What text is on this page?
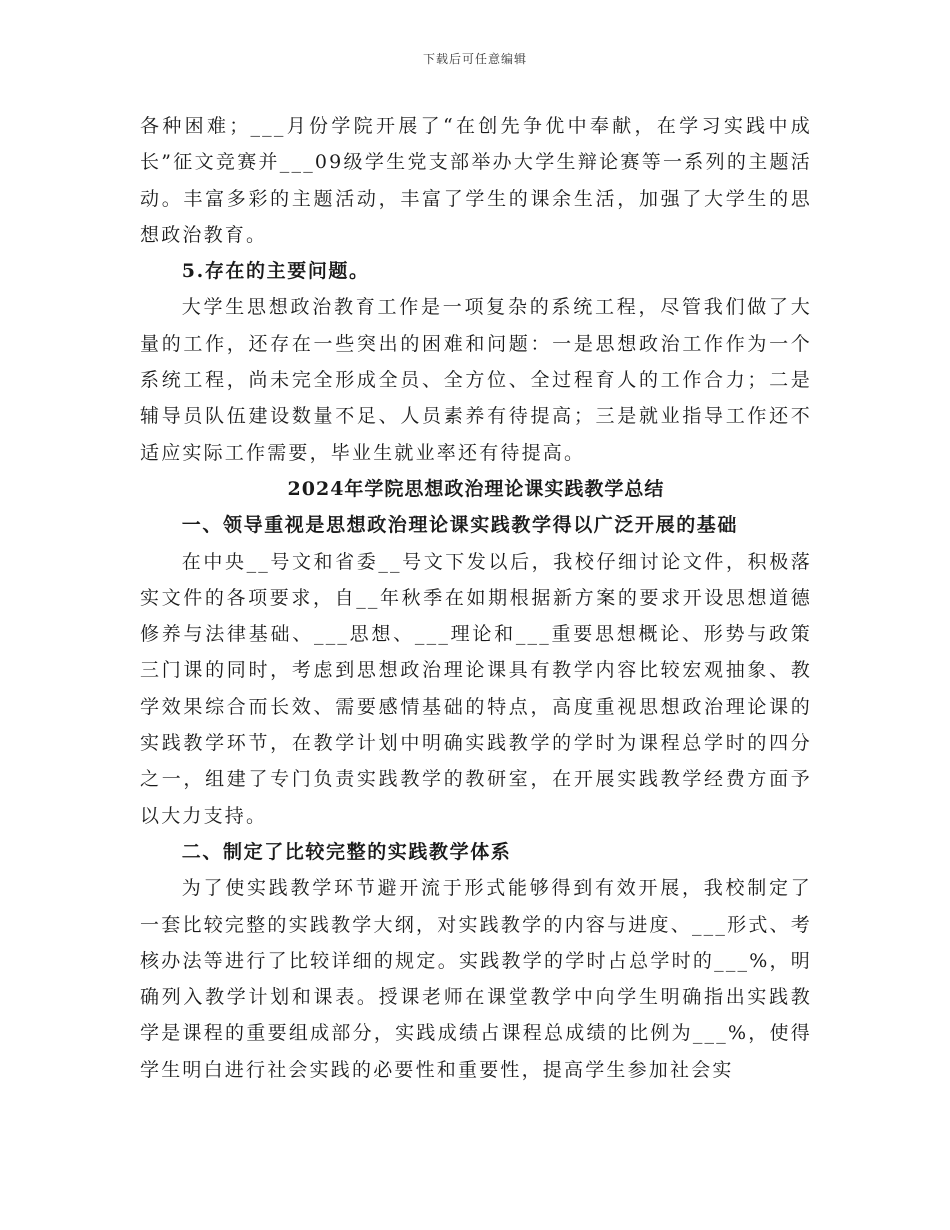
下载后可任意编辑

各种困难；___月份学院开展了“在创先争优中奉献，在学习实践中成长”征文竞赛并___09级学生党支部举办大学生辩论赛等一系列的主题活动。丰富多彩的主题活动，丰富了学生的课余生活，加强了大学生的思想政治教育。

5.存在的主要问题。

大学生思想政治教育工作是一项复杂的系统工程，尽管我们做了大量的工作，还存在一些突出的困难和问题：一是思想政治工作作为一个系统工程，尚未完全形成全员、全方位、全过程育人的工作合力；二是辅导员队伍建设数量不足、人员素养有待提高；三是就业指导工作还不适应实际工作需要，毕业生就业率还有待提高。

2024年学院思想政治理论课实践教学总结

一、领导重视是思想政治理论课实践教学得以广泛开展的基础

在中央__号文和省委__号文下发以后，我校仔细讨论文件，积极落实文件的各项要求，自__年秋季在如期根据新方案的要求开设思想道德修养与法律基础、___思想、___理论和___重要思想概论、形势与政策三门课的同时，考虑到思想政治理论课具有教学内容比较宏观抽象、教学效果综合而长效、需要感情基础的特点，高度重视思想政治理论课的实践教学环节，在教学计划中明确实践教学的学时为课程总学时的四分之一，组建了专门负责实践教学的教研室，在开展实践教学经费方面予以大力支持。

二、制定了比较完整的实践教学体系

为了使实践教学环节避开流于形式能够得到有效开展，我校制定了一套比较完整的实践教学大纲，对实践教学的内容与进度、___形式、考核办法等进行了比较详细的规定。实践教学的学时占总学时的___%，明确列入教学计划和课表。授课老师在课堂教学中向学生明确指出实践教学是课程的重要组成部分，实践成绩占课程总成绩的比例为___%，使得学生明白进行社会实践的必要性和重要性，提高学生参加社会实
